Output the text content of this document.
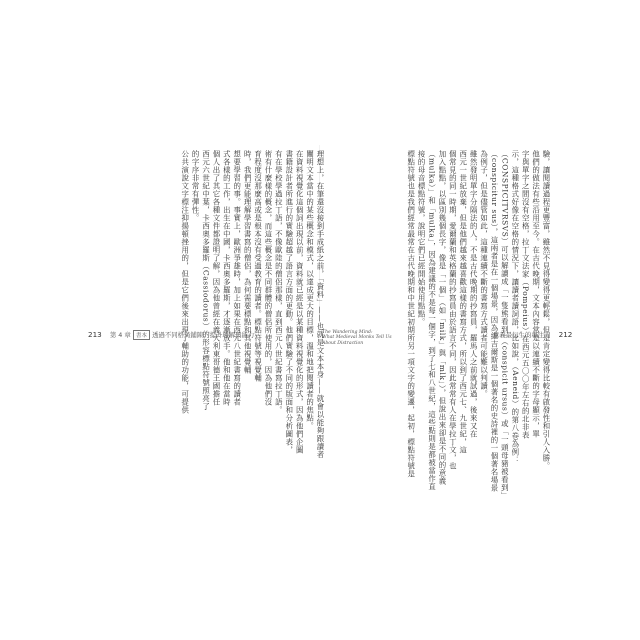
理想上，在筆還沒接到手成紙之前，「資料」——也就是文本本身——就會以能夠跟讀者
闡明文本當中的某些概念和模式，以達成更大的目標，溫和地把閱讀者的焦點。
在資料視覺化這個詞出現以前，資料就已經是以某種資料視覺化的形式，因為他們企圖
書籍設計者所進行的實驗超越了語言方面的更動。他們實驗了不同的版面和分析圖表，
有在學校學過拉丁語，不像歐陸的僧侶那樣，直到西元八世紀書寫拉丁語。
術有什麼樣的概念，而這些概念是不同群體的僧侶所使用的，因為他們沒
育程度沒那麼高或是根本沒有受過教育的讀者。標點符號等視覺輔
時，我們更能理解學習書寫的僧侶，為何需要標點和其他視覺輔
想要學習的事。事實上，歐洲爭雄時，加上如果在西元八世紀書寫的讀者
式各樣的工作，出生在中國，卡西奧多羅斯，才逐漸放手。他和他在當時
個人出了其它各種文件都證明了解，因為他曾經在義大利東哥德王國擔任
西元六世紀中葉，卡西奧多羅斯（Cassiodorus）的形容標點符號照亮了
的字序非常有彈性。
公共演說文字標注抑揚頓挫用的，但是它們後來出現了輔助的功能，可提供
213 第 4 章 書本 透過不同格局鋪陳，提升理解與能力	驗，讓閱讀過程更豐富，雖然不見得變得更輕鬆，但是肯定變得比較有啟發性和引人入勝。
他們的做法有些沿用至今。在古代晚期，文本內容常是以連續不斷的字母顯示，單
字與單字之間沒有空格，拉丁文法家（Pompeius）在西元五〇〇年左右的北非表
示，這種格式好像在空格的情況下，讓讀者讀詞語，比如說，（Aeneid）的第八卷為例：
（CONSPICITVRSVS）可以解讀成「一隻熊看到」（conspicit ursus）或「一頭母豬被看到」
（conspicitur sus），這兩者是在一個場景，因為維吉爾斯是一個著名的史詩裡的一個著名場景
為例子，但是儘管如此，這種連續不斷的書寫方式讀者可能難以判讀。
雖然發明單字分隔法的人，不是古代晚期的抄寫員，羅馬人之前就試過，後來又在
西元一世紀放棄，但是他們越來越喜歡這樣的書寫方式，所以到了西元七、九世紀，這
個常見的同一時期，愛爾蘭和英格蘭的抄寫員由於語言不同，因此常常有人在學拉丁文，也
加入點點，以區別幾個長字，像是「一個」（如「milk」與「mlk」），但說出來卻是不同的意義
（mulka）」和「mulka」，因為建議的不是每一個字，到了七和八世紀，這些點則是都被當作直
接的母音標點符號，說明它們已經開始使用點點。
標點符號也是我們經常最常在古代晚期和中世紀初期所另一項文字的變遷，起初，標點符號是
The Wandering Mind:
What Medieval Monks Tell Us
About Distraction
意義最衍生的專注力 212
